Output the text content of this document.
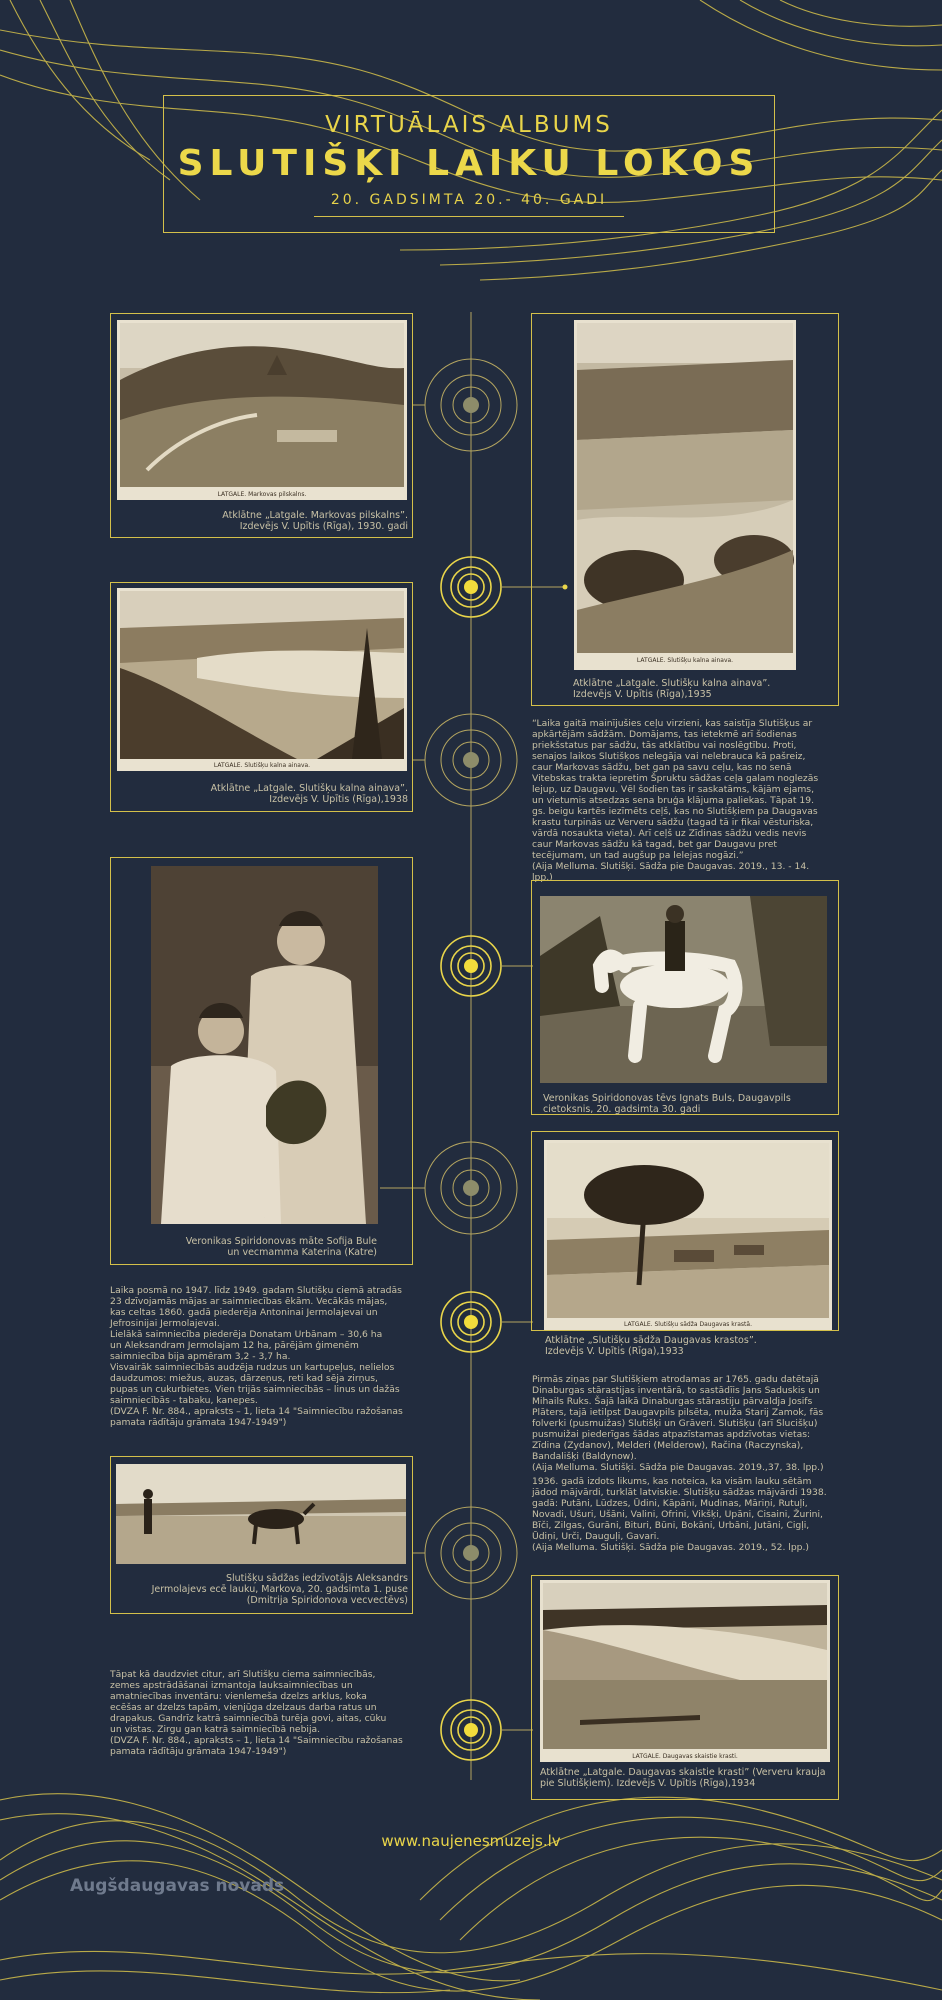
VIRTUĀLAIS ALBUMS
SLUTIŠĶI LAIKU LOKOS
20. GADSIMTA 20.- 40. GADI
LATGALE. Markovas pilskalns.
Atklātne „Latgale. Markovas pilskalns”.
Izdevējs V. Upītis (Rīga), 1930. gadi
LATGALE. Slutišķu kalna ainava.
Atklātne „Latgale. Slutišķu kalna ainava”.
Izdevējs V. Upītis (Rīga),1935
LATGALE. Slutišķu kalna ainava.
Atklātne „Latgale. Slutišķu kalna ainava”.
Izdevējs V. Upītis (Rīga),1938
“Laika gaitā mainījušies ceļu virzieni, kas saistīja Slutišķus ar
apkārtējām sādžām. Domājams, tas ietekmē arī šodienas
priekšstatus par sādžu, tās atklātību vai noslēgtību. Proti,
senajos laikos Slutišķos nelegāja vai nelebrauca kā pašreiz,
caur Markovas sādžu, bet gan pa savu ceļu, kas no senā
Vitebskas trakta iepretim Špruktu sādžas ceļa galam noglezās
lejup, uz Daugavu. Vēl šodien tas ir saskatāms, kājām ejams,
un vietumis atsedzas sena bruģa klājuma paliekas. Tāpat 19.
gs. beigu kartēs iezīmēts ceļš, kas no Slutišķiem pa Daugavas
krastu turpinās uz Ververu sādžu (tagad tā ir fikai vēsturiska,
vārdā nosaukta vieta). Arī ceļš uz Zīdinas sādžu vedis nevis
caur Markovas sādžu kā tagad, bet gar Daugavu pret
tecējumam, un tad augšup pa lelejas nogāzi.”
(Aija Melluma. Slutišķi. Sādža pie Daugavas. 2019., 13. - 14.
lpp.)
.
Veronikas Spiridonovas māte Sofija Bule
un vecmamma Katerina (Katre)
Veronikas Spiridonovas tēvs Ignats Buls, Daugavpils
cietoksnis, 20. gadsimta 30. gadi
LATGALE. Slutišķu sādža Daugavas krastā.
Atklātne „Slutišķu sādža Daugavas krastos”.
Izdevējs V. Upītis (Rīga),1933
Laika posmā no 1947. līdz 1949. gadam Slutišķu ciemā atradās
23 dzīvojamās mājas ar saimniecības ēkām. Vecākās mājas,
kas celtas 1860. gadā piederēja Antoninai Jermolajevai un
Jefrosinijai Jermolajevai.
Lielākā saimniecība piederēja Donatam Urbānam – 30,6 ha
un Aleksandram Jermolajam 12 ha, pārējām ģimenēm
saimniecība bija apmēram 3,2 - 3,7 ha.
Visvairāk saimniecībās audzēja rudzus un kartupeļus, nelielos
daudzumos: miežus, auzas, dārzeņus, reti kad sēja zirņus,
pupas un cukurbietes. Vien trijās saimniecībās – linus un dažās
saimniecībās - tabaku, kanepes.
(DVZA F. Nr. 884., apraksts – 1, lieta 14 "Saimniecību ražošanas
pamata rādītāju grāmata 1947-1949")
Pirmās ziņas par Slutišķiem atrodamas ar 1765. gadu datētajā
Dinaburgas stārastijas inventārā, to sastādīis Jans Saduskis un
Mihails Ruks. Šajā laikā Dinaburgas stārastiju pārvaldja Josifs
Plāters, tajā ietilpst Daugavpils pilsēta, muiža Starij Zamok, fās
folverki (pusmuižas) Slutišķi un Grāveri. Slutišķu (arī Slucišķu)
pusmuižai piederīgas šādas atpazīstamas apdzīvotas vietas:
Zīdina (Zydanov), Melderi (Melderow), Račina (Raczynska),
Bandališķi (Baldynow).
(Aija Melluma. Slutišķi. Sādža pie Daugavas. 2019.,37, 38. lpp.)
1936. gadā izdots likums, kas noteica, ka visām lauku sētām
jādod mājvārdi, turklāt latviskie. Slutišķu sādžas mājvārdi 1938.
gadā: Putāni, Lūdzes, Ūdini, Kāpāni, Mudinas, Māriņi, Rutuļi,
Novadi, Ušuri, Ušāni, Valini, Ofrini, Vikšķi, Upāni, Cisaini, Žurini,
Bīči, Zilgas, Gurāni, Bituri, Būni, Bokāni, Urbāni, Jutāni, Cigļi,
Ūdiņi, Urči, Dauguļi, Gavari.
(Aija Melluma. Slutišķi. Sādža pie Daugavas. 2019., 52. lpp.)
Slutišķu sādžas iedzīvotājs Aleksandrs
Jermolajevs ecē lauku, Markova, 20. gadsimta 1. puse
(Dmitrija Spiridonova vecvectēvs)
LATGALE. Daugavas skaistie krasti.
Atklātne „Latgale. Daugavas skaistie krasti” (Ververu krauja
pie Slutišķiem). Izdevējs V. Upītis (Rīga),1934
Tāpat kā daudzviet citur, arī Slutišķu ciema saimniecībās,
zemes apstrādāšanai izmantoja lauksaimniecības un
amatniecības inventāru: vienlemeša dzelzs arklus, koka
ecēšas ar dzelzs tapām, vienjūga dzelzaus darba ratus un
drapakus. Gandrīz katrā saimniecībā turēja govi, aitas, cūku
un vistas. Zirgu gan katrā saimniecībā nebija.
(DVZA F. Nr. 884., apraksts – 1, lieta 14 "Saimniecību ražošanas
pamata rādītāju grāmata 1947-1949")
www.naujenesmuzejs.lv
Augšdaugavas novads
